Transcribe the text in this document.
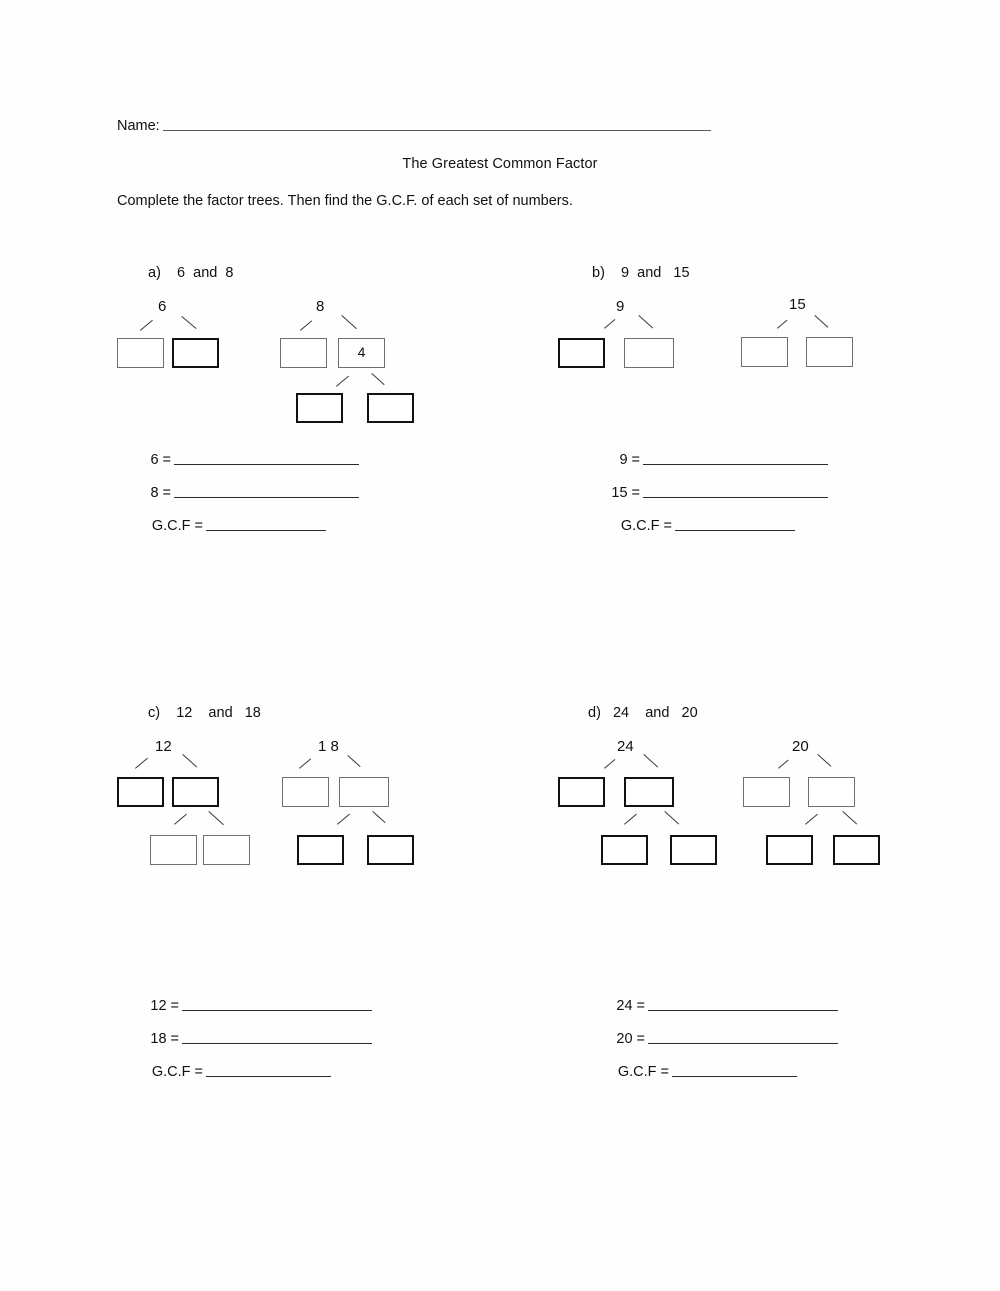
Name:
The Greatest Common Factor
Complete the factor trees. Then find the G.C.F. of each set of numbers.
a)    6  and  8
6	8
4
6 =
8 =
G.C.F =
b)    9  and   15
9	15
9 =
15 =
G.C.F =
c)    12    and   18
12	1 8
12 =
18 =
G.C.F =
d)   24    and   20
24	20
24 =
20 =
G.C.F =
